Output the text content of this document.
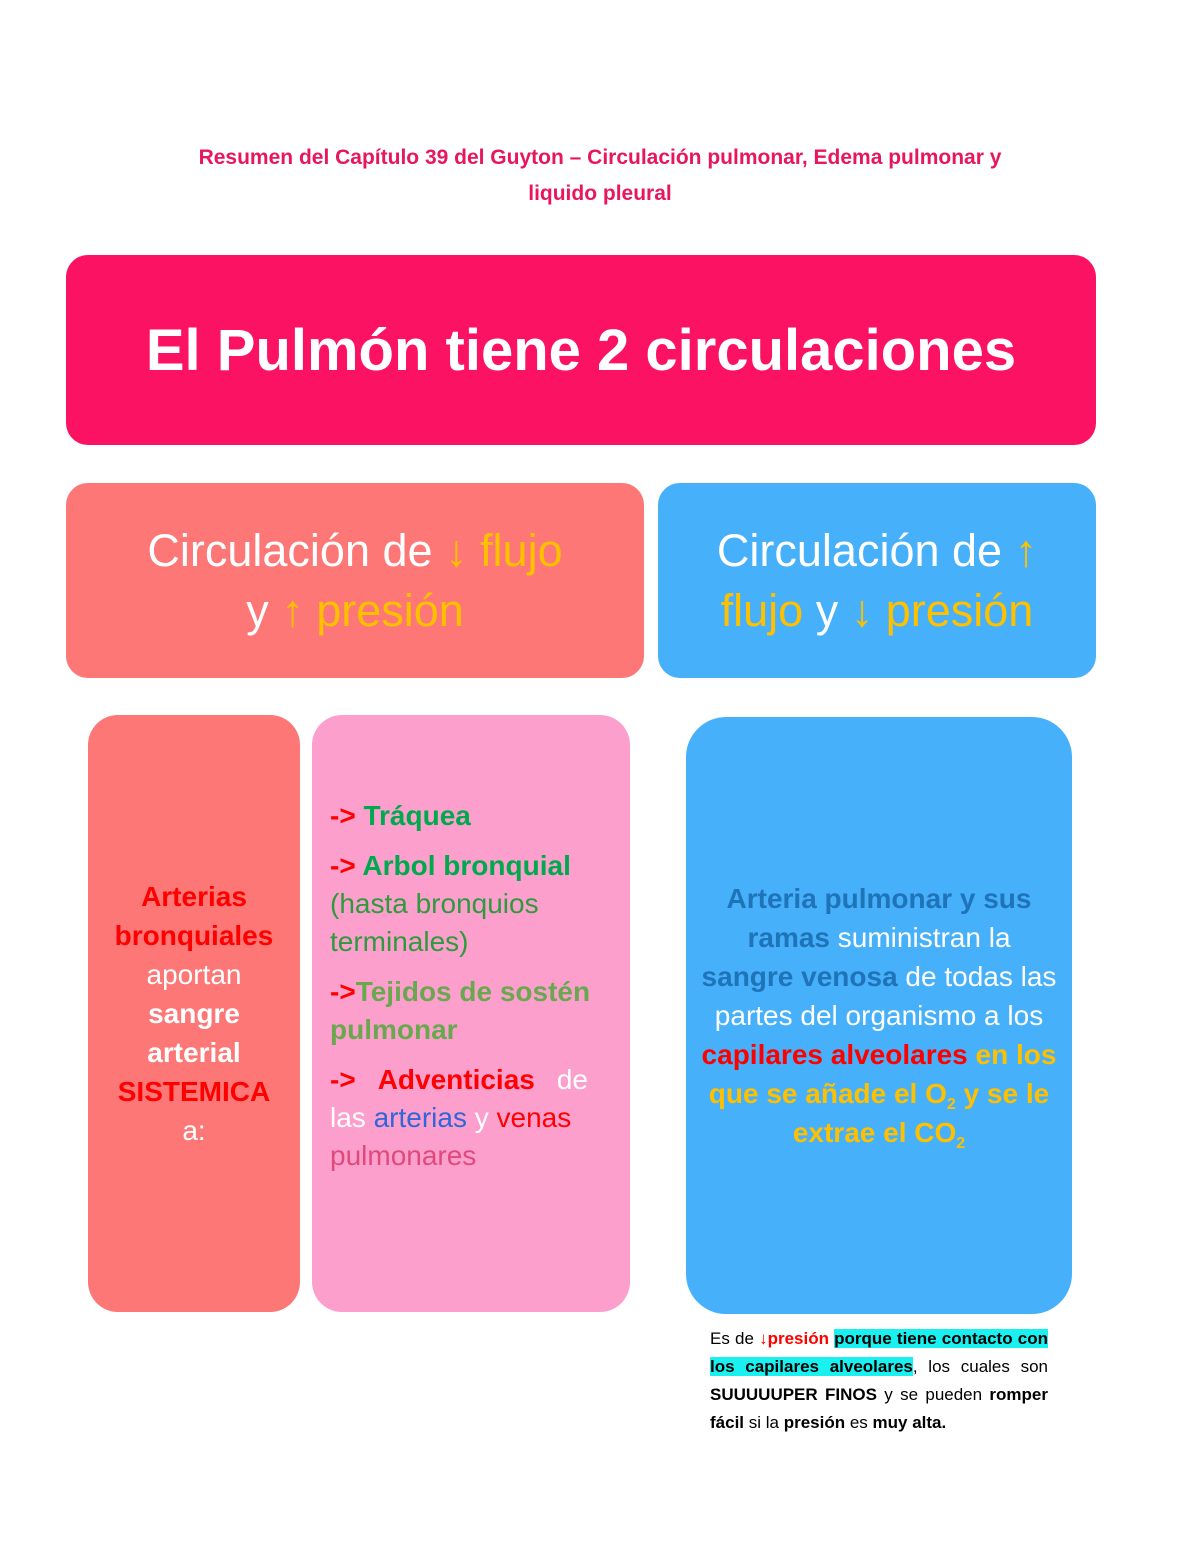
Resumen del Capítulo 39 del Guyton – Circulación pulmonar, Edema pulmonar y
liquido pleural
El Pulmón tiene 2 circulaciones
Circulación de ↓ flujo
y ↑ presión
Circulación de ↑
flujo y ↓ presión
Arterias
bronquiales
aportan
sangre
arterial
SISTEMICA
a:
-> Tráquea
-> Arbol bronquial
(hasta bronquios terminales)
->Tejidos de sostén pulmonar
-> Adventicias de
las arterias y venas
pulmonares
Arteria pulmonar y sus ramas suministran la sangre venosa de todas las partes del organismo a los capilares alveolares en los que se añade el $O_2$ y se le extrae el $CO_2$
Es de ↓presión porque tiene contacto con los capilares alveolares, los cuales son SUUUUUPER FINOS y se pueden romper fácil si la presión es muy alta.
